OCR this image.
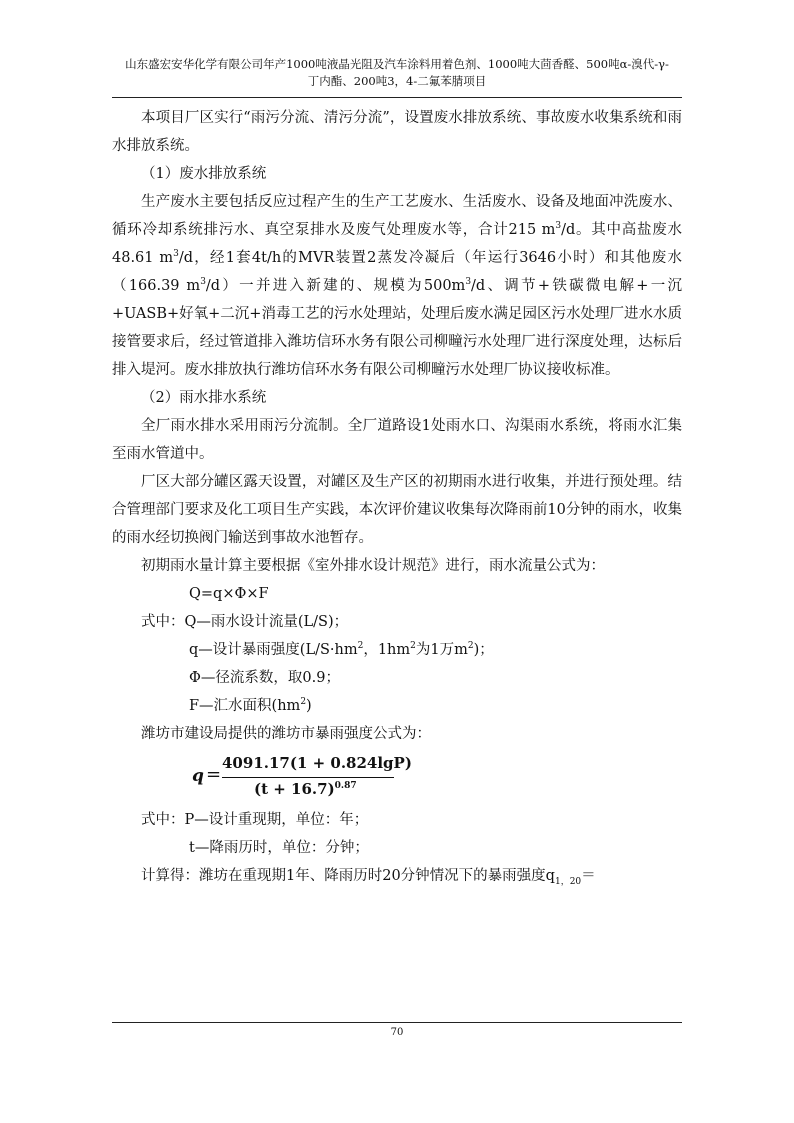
山东盛宏安华化学有限公司年产1000吨液晶光阻及汽车涂料用着色剂、1000吨大茴香醛、500吨α-溴代-γ-
丁内酯、200吨3，4-二氟苯腈项目

本项目厂区实行“雨污分流、清污分流”，设置废水排放系统、事故废水收集系统和雨水排放系统。

（1）废水排放系统

生产废水主要包括反应过程产生的生产工艺废水、生活废水、设备及地面冲洗废水、循环冷却系统排污水、真空泵排水及废气处理废水等，合计215 $m^3/d$。其中高盐废水48.61 $m^3/d$，经1套4t/h的MVR装置2蒸发冷凝后（年运行3646小时）和其他废水（166.39 $m^3/d$）一并进入新建的、规模为$500m^3/d$、调节+铁碳微电解+一沉+UASB+好氧+二沉+消毒工艺的污水处理站，处理后废水满足园区污水处理厂进水水质接管要求后，经过管道排入潍坊信环水务有限公司柳疃污水处理厂进行深度处理，达标后排入堤河。废水排放执行潍坊信环水务有限公司柳疃污水处理厂协议接收标准。

（2）雨水排水系统

全厂雨水排水采用雨污分流制。全厂道路设1处雨水口、沟渠雨水系统，将雨水汇集至雨水管道中。

厂区大部分罐区露天设置，对罐区及生产区的初期雨水进行收集，并进行预处理。结合管理部门要求及化工项目生产实践，本次评价建议收集每次降雨前10分钟的雨水，收集的雨水经切换阀门输送到事故水池暂存。

初期雨水量计算主要根据《室外排水设计规范》进行，雨水流量公式为：

Q=q×Φ×F

式中：Q—雨水设计流量(L/S)；

q—设计暴雨强度($L/S\cdot hm^2$，$1hm^2$为1万$m^2$)；

Φ—径流系数，取0.9；

F—汇水面积$(hm^2)$

潍坊市建设局提供的潍坊市暴雨强度公式为：

q =
4091.17(1 + 0.824lgP)
$(t + 16.7)^{0.87}$

式中：P—设计重现期，单位：年；

t—降雨历时，单位：分钟；

计算得：潍坊在重现期1年、降雨历时20分钟情况下的暴雨强度$q_{1,20}=$

70
